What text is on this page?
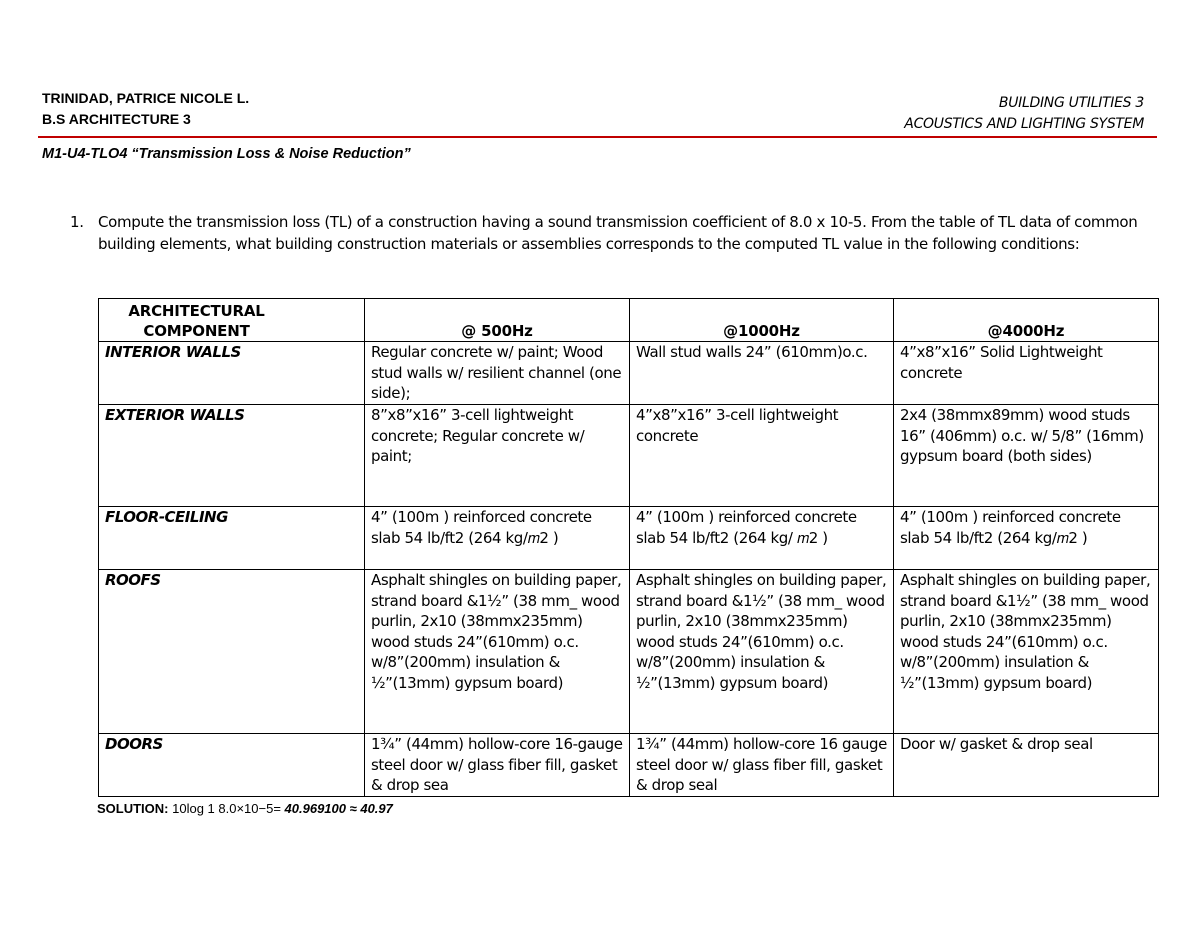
TRINIDAD, PATRICE NICOLE L.
B.S ARCHITECTURE 3
BUILDING UTILITIES 3
ACOUSTICS AND LIGHTING SYSTEM
M1-U4-TLO4 “Transmission Loss & Noise Reduction”
1. Compute the transmission loss (TL) of a construction having a sound transmission coefficient of 8.0 x 10-5. From the table of TL data of common building elements, what building construction materials or assemblies corresponds to the computed TL value in the following conditions:
ARCHITECTURAL COMPONENT	@ 500Hz	@1000Hz	@4000Hz
INTERIOR WALLS	Regular concrete w/ paint; Wood stud walls w/ resilient channel (one side);	Wall stud walls 24” (610mm)o.c.	4”x8”x16” Solid Lightweight concrete
EXTERIOR WALLS	8”x8”x16” 3-cell lightweight concrete; Regular concrete w/ paint;	4”x8”x16” 3-cell lightweight concrete	2x4 (38mmx89mm) wood studs 16” (406mm) o.c. w/ 5/8” (16mm) gypsum board (both sides)
FLOOR-CEILING	4” (100m ) reinforced concrete slab 54 lb/ft2 (264 kg/𝑚2 )	4” (100m ) reinforced concrete slab 54 lb/ft2 (264 kg/ 𝑚2 )	4” (100m ) reinforced concrete slab 54 lb/ft2 (264 kg/𝑚2 )
ROOFS	Asphalt shingles on building paper, strand board &1½” (38 mm_ wood purlin, 2x10 (38mmx235mm) wood studs 24”(610mm) o.c. w/8”(200mm) insulation & ½”(13mm) gypsum board)	Asphalt shingles on building paper, strand board &1½” (38 mm_ wood purlin, 2x10 (38mmx235mm) wood studs 24”(610mm) o.c. w/8”(200mm) insulation & ½”(13mm) gypsum board)	Asphalt shingles on building paper, strand board &1½” (38 mm_ wood purlin, 2x10 (38mmx235mm) wood studs 24”(610mm) o.c. w/8”(200mm) insulation & ½”(13mm) gypsum board)
DOORS	1¾” (44mm) hollow-core 16-gauge steel door w/ glass fiber fill, gasket & drop sea	1¾” (44mm) hollow-core 16 gauge steel door w/ glass fiber fill, gasket & drop seal	Door w/ gasket & drop seal
SOLUTION: 10log 1 8.0×10−5= 40.969100 ≈ 40.97
